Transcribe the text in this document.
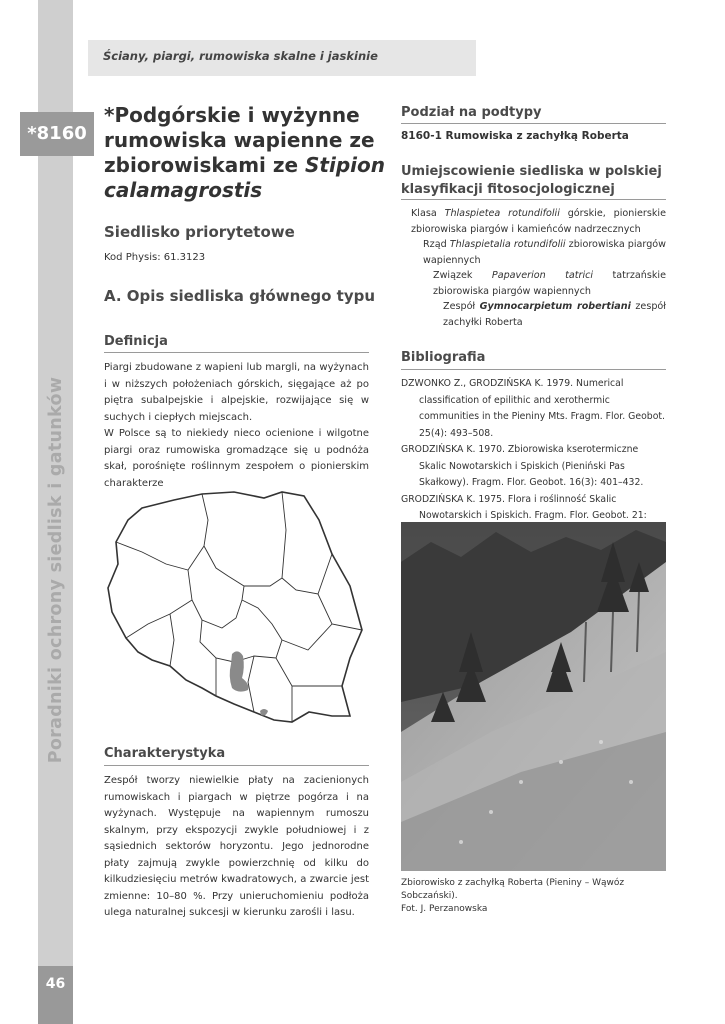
Ściany, piargi, rumowiska skalne i jaskinie
*8160
Poradniki ochrony siedlisk i gatunków
46
*Podgórskie i wyżynne
rumowiska wapienne ze
zbiorowiskami ze Stipion
calamagrostis
Siedlisko priorytetowe
Kod Physis: 61.3123
A. Opis siedliska głównego typu
Definicja
Piargi zbudowane z wapieni lub margli, na wyżynach i w niższych położeniach górskich, sięgające aż po piętra subalpejskie i alpejskie, rozwijające się w suchych i ciepłych miejscach.
W Polsce są to niekiedy nieco ocienione i wilgotne piargi oraz rumowiska gromadzące się u podnóża skał, porośnięte roślinnym zespołem o pionierskim charakterze
Charakterystyka
Zespół tworzy niewielkie płaty na zacienionych rumowiskach i piargach w piętrze pogórza i na wyżynach. Występuje na wapiennym rumoszu skalnym, przy ekspozycji zwykle południowej i z sąsiednich sektorów horyzontu. Jego jednorodne płaty zajmują zwykle powierzchnię od kilku do kilkudziesięciu metrów kwadratowych, a zwarcie jest zmienne: 10–80 %. Przy unieruchomieniu podłoża ulega naturalnej sukcesji w kierunku zarośli i lasu.
Podział na podtypy
8160-1 Rumowiska z zachyłką Roberta
Umiejscowienie siedliska w polskiej
klasyfikacji fitosocjologicznej

Klasa Thlaspietea rotundifolii górskie, pionierskie zbiorowiska piargów i kamieńców nadrzecznych

Rząd Thlaspietalia rotundifolii zbiorowiska piargów wapiennych

Związek Papaverion tatrici tatrzańskie zbiorowiska piargów wapiennych

Zespół Gymnocarpietum robertiani zespół zachyłki Roberta

Bibliografia

DZWONKO Z., GRODZIŃSKA K. 1979. Numerical classification of epilithic and xerothermic communities in the Pieniny Mts. Fragm. Flor. Geobot. 25(4): 493–508.

GRODZIŃSKA K. 1970. Zbiorowiska kserotermiczne Skalic Nowotarskich i Spiskich (Pieniński Pas Skałkowy). Fragm. Flor. Geobot. 16(3): 401–432.

GRODZIŃSKA K. 1975. Flora i roślinność Skalic Nowotarskich i Spiskich. Fragm. Flor. Geobot. 21:

Zbiorowisko z zachyłką Roberta (Pieniny – Wąwóz Sobczański).
Fot. J. Perzanowska
